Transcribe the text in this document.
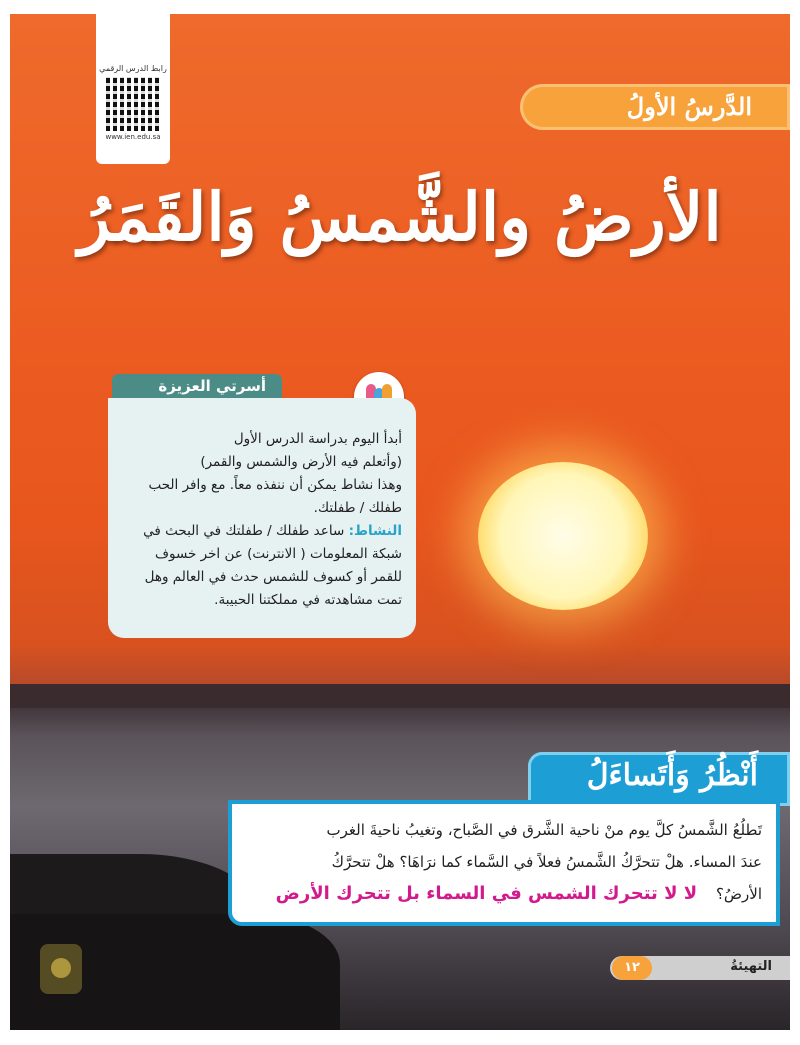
رابط الدرس الرقمي
www.ien.edu.sa
الدَّرسُ الأولُ
الأرضُ والشَّمسُ وَالقَمَرُ
أسرتي العزيزة

أبدأ اليوم بدراسة الدرس الأول

(وأتعلم فيه الأرض والشمس والقمر)

وهذا نشاط يمكن أن ننفذه معاً. مع وافر الحب

طفلك / طفلتك.

النشاط: ساعد طفلك / طفلتك في البحث في شبكة المعلومات ( الانترنت) عن اخر خسوف للقمر أو كسوف للشمس حدث في العالم وهل تمت مشاهدته في مملكتنا الحبيبة.

أَنْظُرُ وَأَتَساءَلُ

تَطلُعُ الشَّمسُ كلَّ يوم منْ ناحية الشَّرق في الصَّباح، وتغيبُ ناحيةَ الغرب

عندَ المساء. هلْ تتحرَّكُ الشَّمسُ فعلاً في السَّماء كما نرَاهَا؟ هلْ تتحرَّكُ

الأرضُ؟ لا لا تتحرك الشمس في السماء بل تتحرك الأرض

التهيئةُ
١٢
